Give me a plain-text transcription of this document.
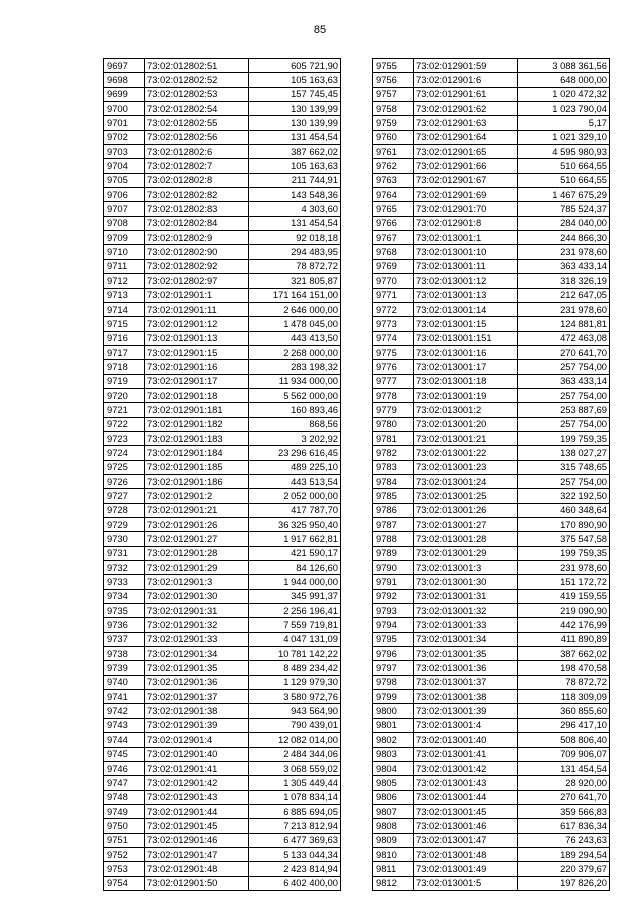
85
9697	73:02:012802:51	605 721,90
9698	73:02:012802:52	105 163,63
9699	73:02:012802:53	157 745,45
9700	73:02:012802:54	130 139,99
9701	73:02:012802:55	130 139,99
9702	73:02:012802:56	131 454,54
9703	73:02:012802:6	387 662,02
9704	73:02:012802:7	105 163,63
9705	73:02:012802:8	211 744,91
9706	73:02:012802:82	143 548,36
9707	73:02:012802:83	4 303,60
9708	73:02:012802:84	131 454,54
9709	73:02:012802:9	92 018,18
9710	73:02:012802:90	294 483,95
9711	73:02:012802:92	78 872,72
9712	73:02:012802:97	321 805,87
9713	73:02:012901:1	171 164 151,00
9714	73:02:012901:11	2 646 000,00
9715	73:02:012901:12	1 478 045,00
9716	73:02:012901:13	443 413,50
9717	73:02:012901:15	2 268 000,00
9718	73:02:012901:16	283 198,32
9719	73:02:012901:17	11 934 000,00
9720	73:02:012901:18	5 562 000,00
9721	73:02:012901:181	160 893,46
9722	73:02:012901:182	868,56
9723	73:02:012901:183	3 202,92
9724	73:02:012901:184	23 296 616,45
9725	73:02:012901:185	489 225,10
9726	73:02:012901:186	443 513,54
9727	73:02:012901:2	2 052 000,00
9728	73:02:012901:21	417 787,70
9729	73:02:012901:26	36 325 950,40
9730	73:02:012901:27	1 917 662,81
9731	73:02:012901:28	421 590,17
9732	73:02:012901:29	84 126,60
9733	73:02:012901:3	1 944 000,00
9734	73:02:012901:30	345 991,37
9735	73:02:012901:31	2 256 196,41
9736	73:02:012901:32	7 559 719,81
9737	73:02:012901:33	4 047 131,09
9738	73:02:012901:34	10 781 142,22
9739	73:02:012901:35	8 489 234,42
9740	73:02:012901:36	1 129 979,30
9741	73:02:012901:37	3 580 972,76
9742	73:02:012901:38	943 564,90
9743	73:02:012901:39	790 439,01
9744	73:02:012901:4	12 082 014,00
9745	73:02:012901:40	2 484 344,06
9746	73:02:012901:41	3 068 559,02
9747	73:02:012901:42	1 305 449,44
9748	73:02:012901:43	1 078 834,14
9749	73:02:012901:44	6 885 694,05
9750	73:02:012901:45	7 213 812,94
9751	73:02:012901:46	6 477 369,63
9752	73:02:012901:47	5 133 044,34
9753	73:02:012901:48	2 423 814,94
9754	73:02:012901:50	6 402 400,00
9755	73:02:012901:59	3 088 361,56
9756	73:02:012901:6	648 000,00
9757	73:02:012901:61	1 020 472,32
9758	73:02:012901:62	1 023 790,04
9759	73:02:012901:63	5,17
9760	73:02:012901:64	1 021 329,10
9761	73:02:012901:65	4 595 980,93
9762	73:02:012901:66	510 664,55
9763	73:02:012901:67	510 664,55
9764	73:02:012901:69	1 467 675,29
9765	73:02:012901:70	785 524,37
9766	73:02:012901:8	284 040,00
9767	73:02:013001:1	244 866,30
9768	73:02:013001:10	231 978,60
9769	73:02:013001:11	363 433,14
9770	73:02:013001:12	318 326,19
9771	73:02:013001:13	212 647,05
9772	73:02:013001:14	231 978,60
9773	73:02:013001:15	124 881,81
9774	73:02:013001:151	472 463,08
9775	73:02:013001:16	270 641,70
9776	73:02:013001:17	257 754,00
9777	73:02:013001:18	363 433,14
9778	73:02:013001:19	257 754,00
9779	73:02:013001:2	253 887,69
9780	73:02:013001:20	257 754,00
9781	73:02:013001:21	199 759,35
9782	73:02:013001:22	138 027,27
9783	73:02:013001:23	315 748,65
9784	73:02:013001:24	257 754,00
9785	73:02:013001:25	322 192,50
9786	73:02:013001:26	460 348,64
9787	73:02:013001:27	170 890,90
9788	73:02:013001:28	375 547,58
9789	73:02:013001:29	199 759,35
9790	73:02:013001:3	231 978,60
9791	73:02:013001:30	151 172,72
9792	73:02:013001:31	419 159,55
9793	73:02:013001:32	219 090,90
9794	73:02:013001:33	442 176,99
9795	73:02:013001:34	411 890,89
9796	73:02:013001:35	387 662,02
9797	73:02:013001:36	198 470,58
9798	73:02:013001:37	78 872,72
9799	73:02:013001:38	118 309,09
9800	73:02:013001:39	360 855,60
9801	73:02:013001:4	296 417,10
9802	73:02:013001:40	508 806,40
9803	73:02:013001:41	709 906,07
9804	73:02:013001:42	131 454,54
9805	73:02:013001:43	28 920,00
9806	73:02:013001:44	270 641,70
9807	73:02:013001:45	359 566,83
9808	73:02:013001:46	617 836,34
9809	73:02:013001:47	76 243,63
9810	73:02:013001:48	189 294,54
9811	73:02:013001:49	220 379,67
9812	73:02:013001:5	197 826,20
